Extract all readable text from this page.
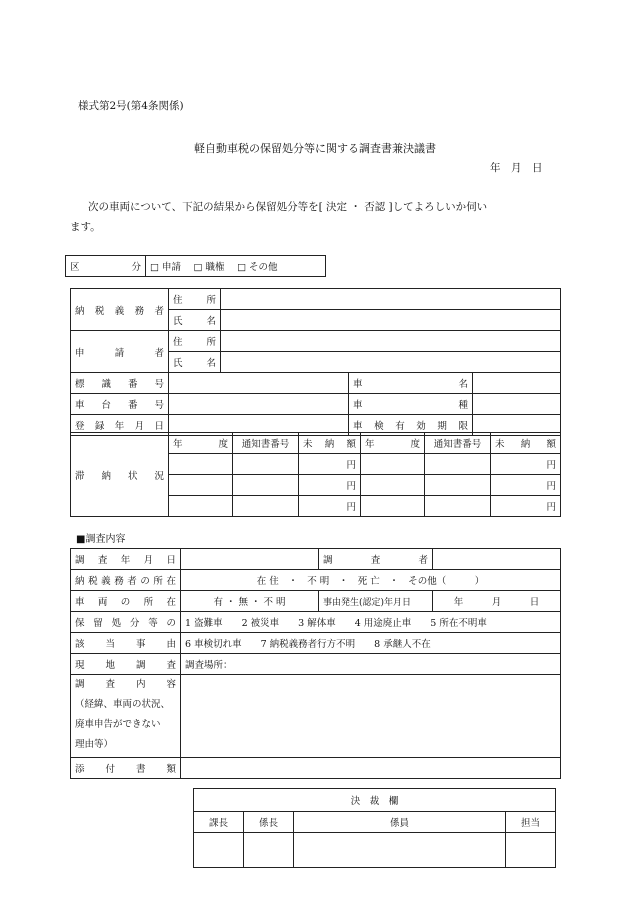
様式第2号(第4条関係)
軽自動車税の保留処分等に関する調査書兼決議書
年　月　日
次の車両について、下記の結果から保留処分等を[ 決定 ・ 否認 ]してよろしいか伺い
ます。
区　　　分	□ 申請　 □ 職権　 □ その他
納 税 義 務 者	住　所			
	氏　名			
申　　請　　者	住　所			
	氏　名			
標　識　番　号			車　　　名	
車　台　番　号			車　　　種	
登 録 年 月 日			車 検 有 効 期 限	
滞　納　状　況	年　　度	通知書番号	未　納　額	年　　度	通知書番号	未　納　額
			円			円
			円			円
			円			円
■調査内容
調　査　年　月　日		調　　査　　者	
納税義務者の所在	在 住　・　不 明　・　死 亡　・　その他（　　　）		
車　両　の　所　在	有 ・ 無 ・ 不 明	事由発生(認定)年月日	年　　　月　　　日
保 留 処 分 等 の	1 盗難車　　2 被災車　　3 解体車　　4 用途廃止車　　5 所在不明車		
該　当　事　由	6 車検切れ車　　7 納税義務者行方不明　　8 承継人不在		
現　地　調　査	調査場所：		

調　査　内　容
（経緯、車両の状況、
廃車申告ができない
理由等）			

添　付　書　類			
決　裁　欄			
課長	係長	係員	担当
